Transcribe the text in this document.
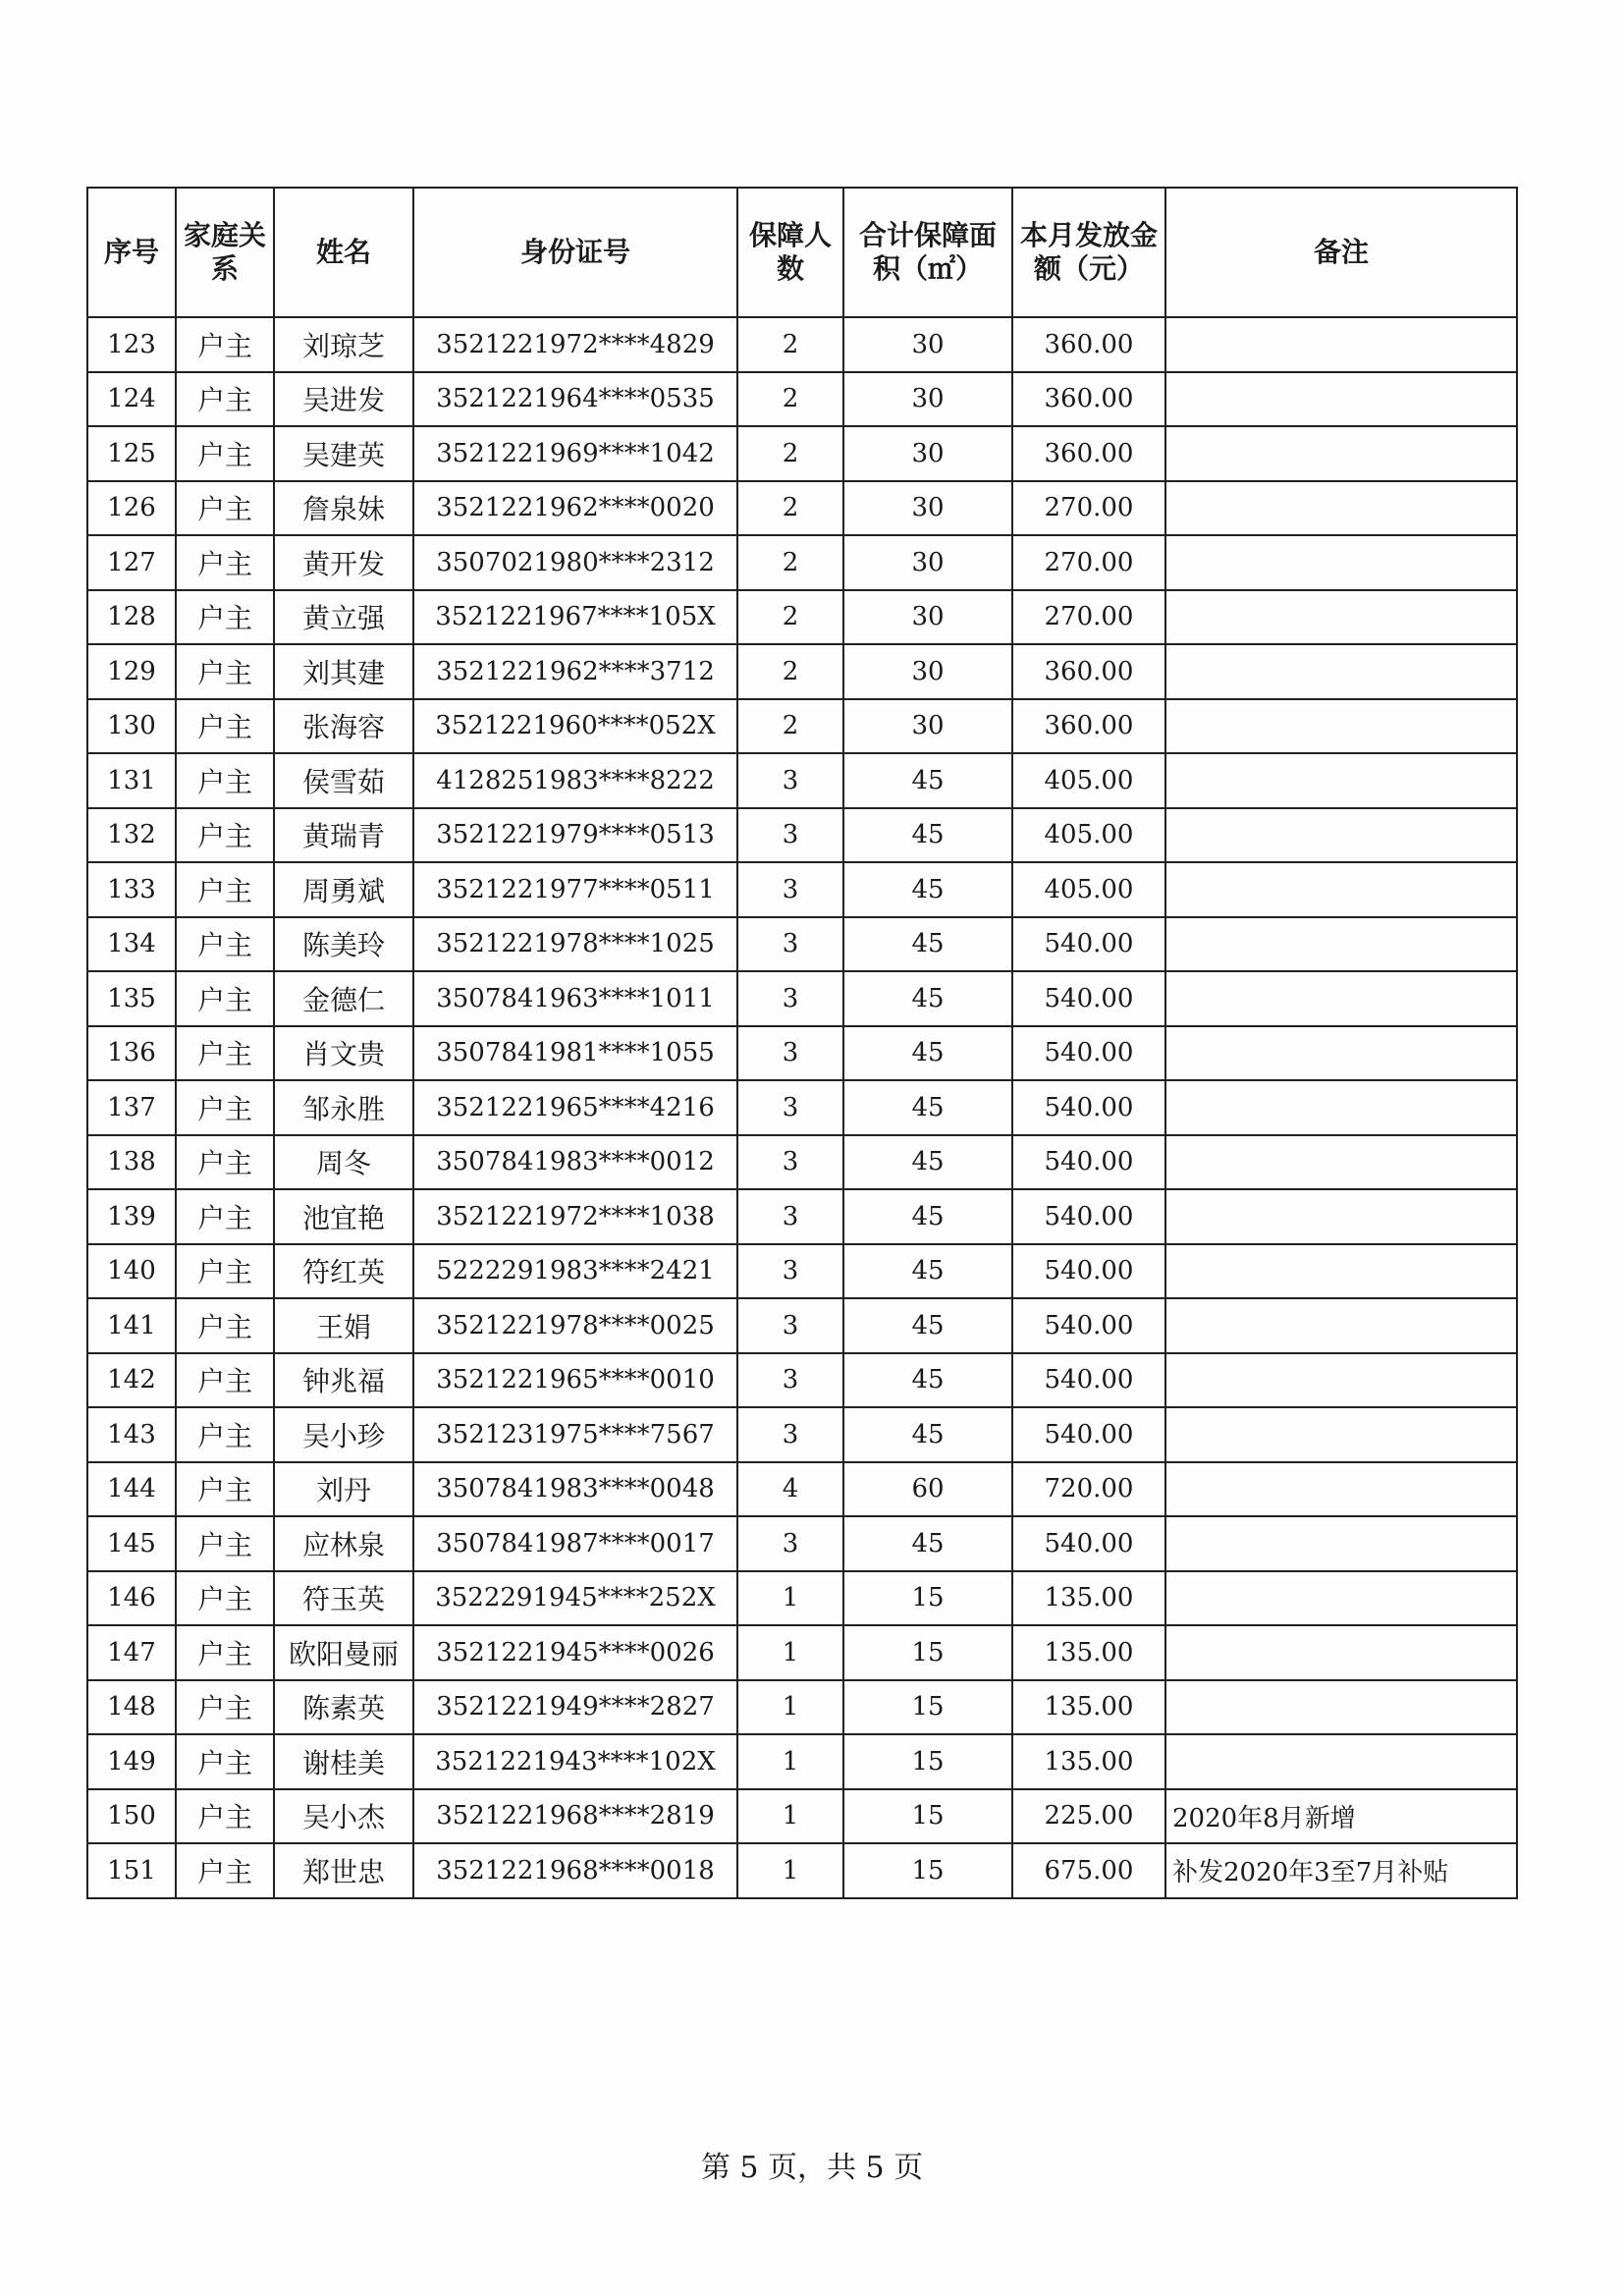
序号	家庭关系	姓名	身份证号	保障人数	合计保障面积（㎡）	本月发放金额（元）	备注
123	户主	刘琼芝	3521221972****4829	2	30	360.00	
124	户主	吴进发	3521221964****0535	2	30	360.00	
125	户主	吴建英	3521221969****1042	2	30	360.00	
126	户主	詹泉妹	3521221962****0020	2	30	270.00	
127	户主	黄开发	3507021980****2312	2	30	270.00	
128	户主	黄立强	3521221967****105X	2	30	270.00	
129	户主	刘其建	3521221962****3712	2	30	360.00	
130	户主	张海容	3521221960****052X	2	30	360.00	
131	户主	侯雪茹	4128251983****8222	3	45	405.00	
132	户主	黄瑞青	3521221979****0513	3	45	405.00	
133	户主	周勇斌	3521221977****0511	3	45	405.00	
134	户主	陈美玲	3521221978****1025	3	45	540.00	
135	户主	金德仁	3507841963****1011	3	45	540.00	
136	户主	肖文贵	3507841981****1055	3	45	540.00	
137	户主	邹永胜	3521221965****4216	3	45	540.00	
138	户主	周冬	3507841983****0012	3	45	540.00	
139	户主	池宜艳	3521221972****1038	3	45	540.00	
140	户主	符红英	5222291983****2421	3	45	540.00	
141	户主	王娟	3521221978****0025	3	45	540.00	
142	户主	钟兆福	3521221965****0010	3	45	540.00	
143	户主	吴小珍	3521231975****7567	3	45	540.00	
144	户主	刘丹	3507841983****0048	4	60	720.00	
145	户主	应林泉	3507841987****0017	3	45	540.00	
146	户主	符玉英	3522291945****252X	1	15	135.00	
147	户主	欧阳曼丽	3521221945****0026	1	15	135.00	
148	户主	陈素英	3521221949****2827	1	15	135.00	
149	户主	谢桂美	3521221943****102X	1	15	135.00	
150	户主	吴小杰	3521221968****2819	1	15	225.00	2020年8月新增
151	户主	郑世忠	3521221968****0018	1	15	675.00	补发2020年3至7月补贴
第 5 页，共 5 页
